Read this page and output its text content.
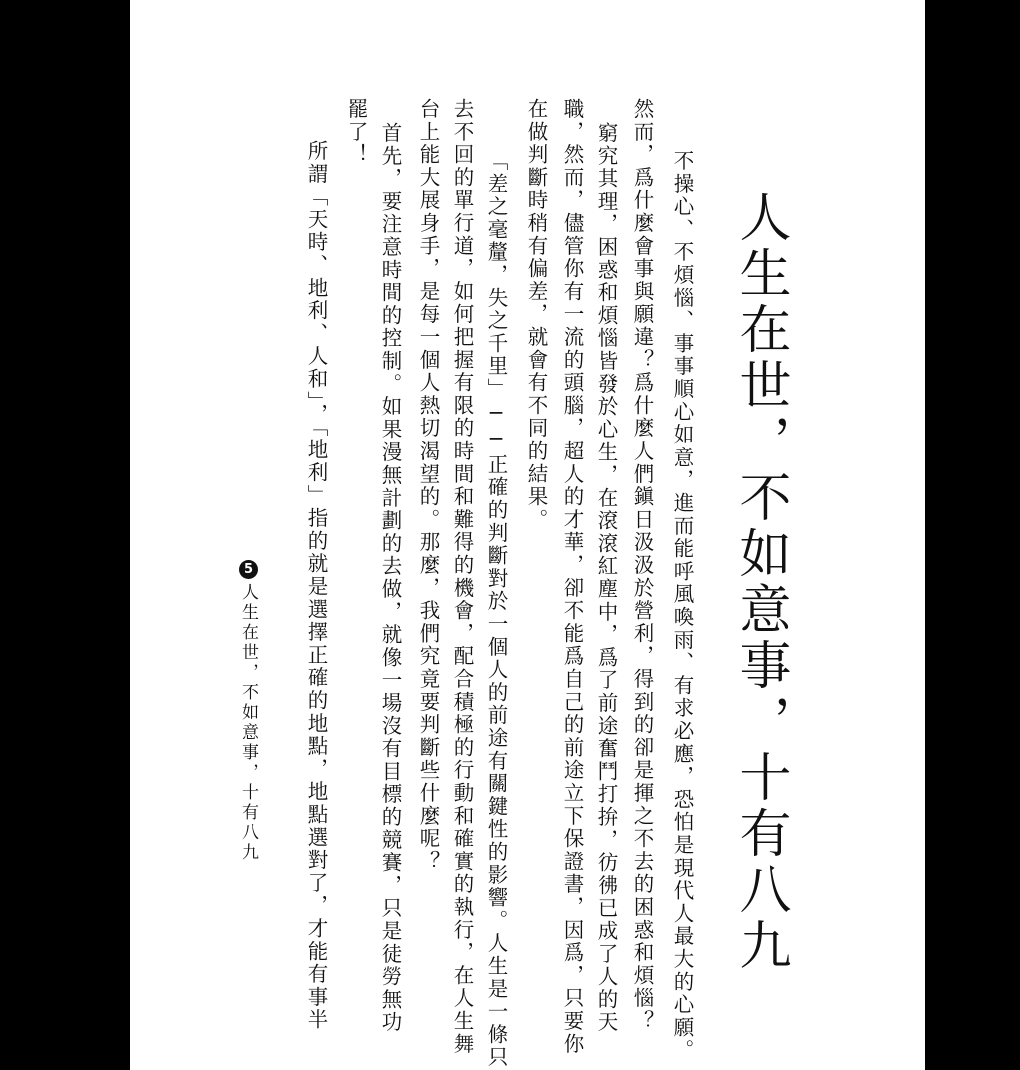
人生在世，不如意事，十有八九
不操心、不煩惱、事事順心如意，進而能呼風喚雨、有求必應，恐怕是現代人最大的心願。
然而，爲什麼會事與願違？爲什麼人們鎭日汲汲於營利，得到的卻是揮之不去的困惑和煩惱？
窮究其理，困惑和煩惱皆發於心生，在滾滾紅塵中，爲了前途奮鬥打拚，彷彿已成了人的天
職，然而，儘管你有一流的頭腦，超人的才華，卻不能爲自己的前途立下保證書，因爲，只要你
在做判斷時稍有偏差，就會有不同的結果。
「差之毫釐，失之千里」──正確的判斷對於一個人的前途有關鍵性的影響。人生是一條只
去不回的單行道，如何把握有限的時間和難得的機會，配合積極的行動和確實的執行，在人生舞
台上能大展身手，是每一個人熱切渴望的。那麼，我們究竟要判斷些什麼呢？
首先，要注意時間的控制。如果漫無計劃的去做，就像一場沒有目標的競賽，只是徒勞無功
罷了！
所謂「天時、地利、人和」，「地利」指的就是選擇正確的地點，地點選對了，才能有事半
5人生在世，不如意事，十有八九
